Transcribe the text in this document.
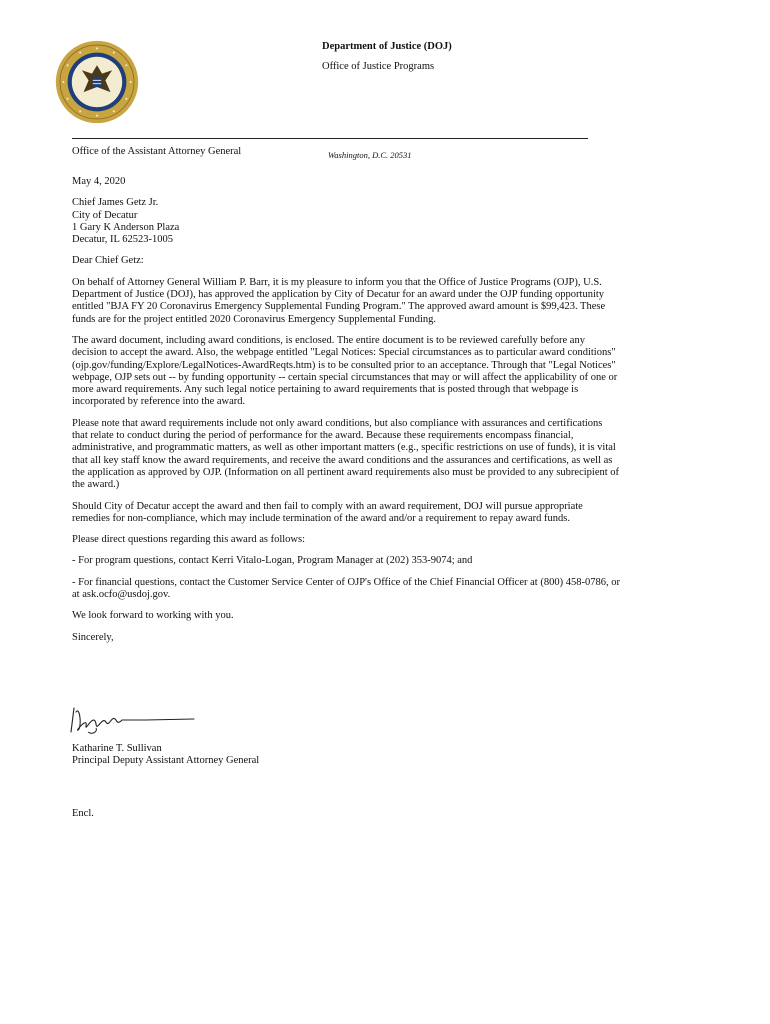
Department of Justice (DOJ)
Office of Justice Programs
Office of the Assistant Attorney General	Washington, D.C. 20531

May 4, 2020

Chief James Getz Jr.
City of Decatur
1 Gary K Anderson Plaza
Decatur, IL 62523-1005

Dear Chief Getz:

On behalf of Attorney General William P. Barr, it is my pleasure to inform you that the Office of Justice Programs (OJP), U.S. Department of Justice (DOJ), has approved the application by City of Decatur for an award under the OJP funding opportunity entitled "BJA FY 20 Coronavirus Emergency Supplemental Funding Program." The approved award amount is $99,423. These funds are for the project entitled 2020 Coronavirus Emergency Supplemental Funding.

The award document, including award conditions, is enclosed. The entire document is to be reviewed carefully before any decision to accept the award. Also, the webpage entitled "Legal Notices: Special circumstances as to particular award conditions" (ojp.gov/funding/Explore/LegalNotices-AwardReqts.htm) is to be consulted prior to an acceptance. Through that "Legal Notices" webpage, OJP sets out -- by funding opportunity -- certain special circumstances that may or will affect the applicability of one or more award requirements. Any such legal notice pertaining to award requirements that is posted through that webpage is incorporated by reference into the award.

Please note that award requirements include not only award conditions, but also compliance with assurances and certifications that relate to conduct during the period of performance for the award. Because these requirements encompass financial, administrative, and programmatic matters, as well as other important matters (e.g., specific restrictions on use of funds), it is vital that all key staff know the award requirements, and receive the award conditions and the assurances and certifications, as well as the application as approved by OJP. (Information on all pertinent award requirements also must be provided to any subrecipient of the award.)

Should City of Decatur accept the award and then fail to comply with an award requirement, DOJ will pursue appropriate remedies for non-compliance, which may include termination of the award and/or a requirement to repay award funds.

Please direct questions regarding this award as follows:

- For program questions, contact Kerri Vitalo-Logan, Program Manager at (202) 353-9074; and

- For financial questions, contact the Customer Service Center of OJP's Office of the Chief Financial Officer at (800) 458-0786, or at ask.ocfo@usdoj.gov.

We look forward to working with you.

Sincerely,

Katharine T. Sullivan
Principal Deputy Assistant Attorney General
Encl.
